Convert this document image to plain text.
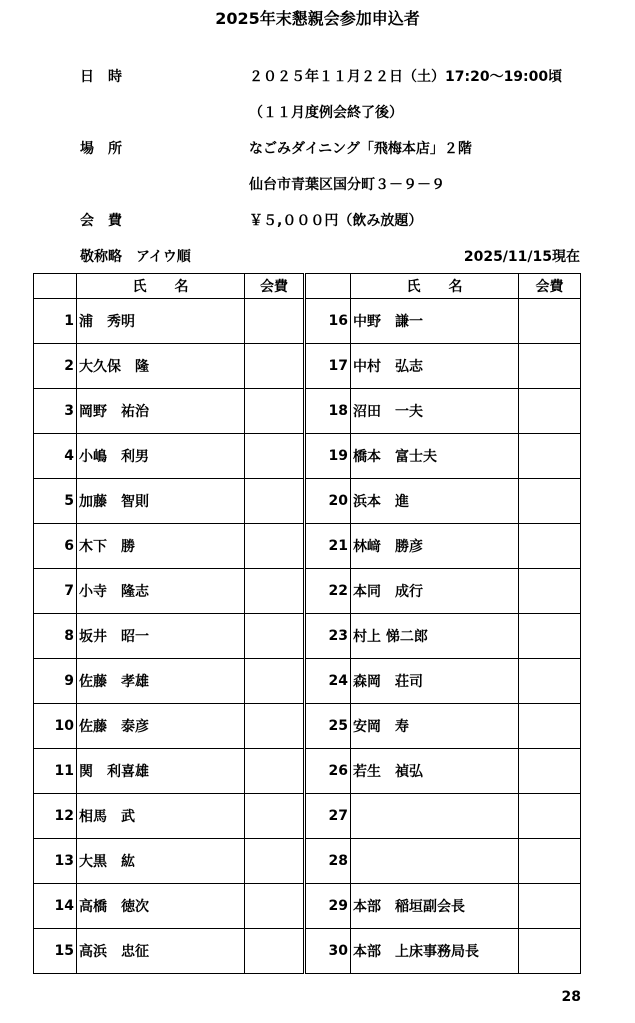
2025年末懇親会参加申込者
日　時	２０２５年１１月２２日（土）17:20～19:00頃
（１１月度例会終了後）
場　所	なごみダイニング「飛梅本店」２階
仙台市青葉区国分町３－９－９
会　費	￥５,０００円（飲み放題）
敬称略　アイウ順	2025/11/15現在
	氏　　名	会費		氏　　名	会費
1	浦　秀明		16	中野　謙一	
2	大久保　隆		17	中村　弘志	
3	岡野　祐治		18	沼田　一夫	
4	小嶋　利男		19	橋本　富士夫	
5	加藤　智則		20	浜本　進	
6	木下　勝		21	林﨑　勝彦	
7	小寺　隆志		22	本同　成行	
8	坂井　昭一		23	村上 悌二郎	
9	佐藤　孝雄		24	森岡　荘司	
10	佐藤　泰彦		25	安岡　寿	
11	関　利喜雄		26	若生　禎弘	
12	相馬　武		27		
13	大黒　紘		28		
14	高橋　徳次		29	本部　稲垣副会長	
15	高浜　忠征		30	本部　上床事務局長	
28
